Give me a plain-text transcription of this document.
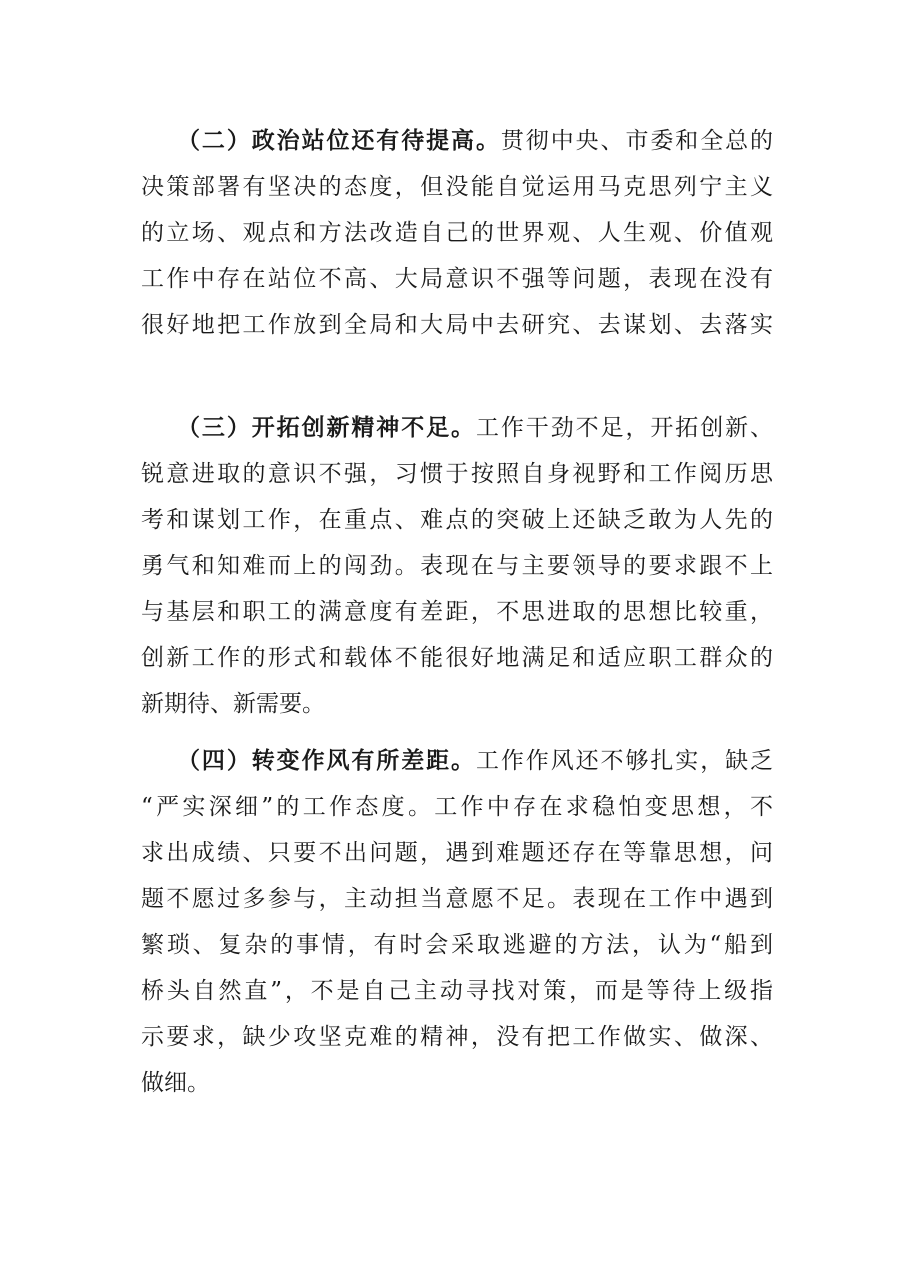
（二）政治站位还有待提高。贯彻中央、市委和全总的
决策部署有坚决的态度，但没能自觉运用马克思列宁主义
的立场、观点和方法改造自己的世界观、人生观、价值观
工作中存在站位不高、大局意识不强等问题，表现在没有
很好地把工作放到全局和大局中去研究、去谋划、去落实
（三）开拓创新精神不足。工作干劲不足，开拓创新、
锐意进取的意识不强，习惯于按照自身视野和工作阅历思
考和谋划工作，在重点、难点的突破上还缺乏敢为人先的
勇气和知难而上的闯劲。表现在与主要领导的要求跟不上
与基层和职工的满意度有差距，不思进取的思想比较重，
创新工作的形式和载体不能很好地满足和适应职工群众的
新期待、新需要。
（四）转变作风有所差距。工作作风还不够扎实，缺乏
“严实深细”的工作态度。工作中存在求稳怕变思想，不
求出成绩、只要不出问题，遇到难题还存在等靠思想，问
题不愿过多参与，主动担当意愿不足。表现在工作中遇到
繁琐、复杂的事情，有时会采取逃避的方法，认为“船到
桥头自然直”，不是自己主动寻找对策，而是等待上级指
示要求，缺少攻坚克难的精神，没有把工作做实、做深、
做细。
